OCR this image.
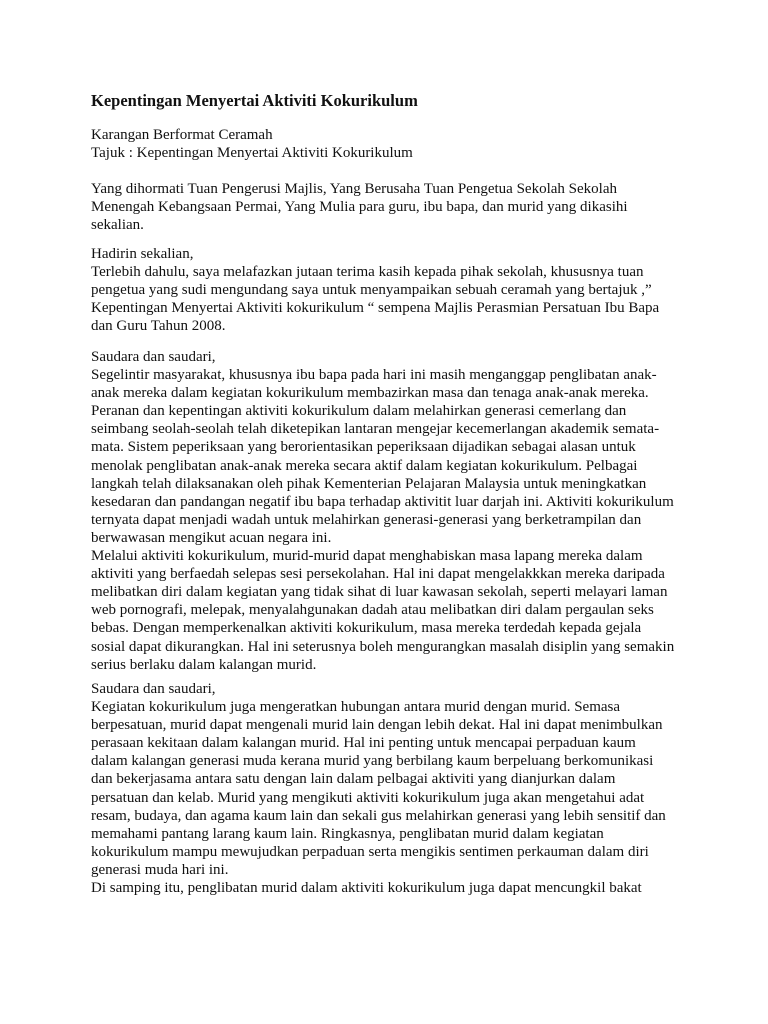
Kepentingan Menyertai Aktiviti Kokurikulum
Karangan Berformat Ceramah
Tajuk : Kepentingan Menyertai Aktiviti Kokurikulum
Yang dihormati Tuan Pengerusi Majlis, Yang Berusaha Tuan Pengetua Sekolah Sekolah
Menengah Kebangsaan Permai, Yang Mulia para guru, ibu bapa, dan murid yang dikasihi
sekalian.
Hadirin sekalian,
Terlebih dahulu, saya melafazkan jutaan terima kasih kepada pihak sekolah, khususnya tuan
pengetua yang sudi mengundang saya untuk menyampaikan sebuah ceramah yang bertajuk ,”
Kepentingan Menyertai Aktiviti kokurikulum “ sempena Majlis Perasmian Persatuan Ibu Bapa
dan Guru Tahun 2008.
Saudara dan saudari,
Segelintir masyarakat, khususnya ibu bapa pada hari ini masih menganggap penglibatan anak-
anak mereka dalam kegiatan kokurikulum membazirkan masa dan tenaga anak-anak mereka.
Peranan dan kepentingan aktiviti kokurikulum dalam melahirkan generasi cemerlang dan
seimbang seolah-seolah telah diketepikan lantaran mengejar kecemerlangan akademik semata-
mata. Sistem peperiksaan yang berorientasikan peperiksaan dijadikan sebagai alasan untuk
menolak penglibatan anak-anak mereka secara aktif dalam kegiatan kokurikulum. Pelbagai
langkah telah dilaksanakan oleh pihak Kementerian Pelajaran Malaysia untuk meningkatkan
kesedaran dan pandangan negatif ibu bapa terhadap aktivitit luar darjah ini. Aktiviti kokurikulum
ternyata dapat menjadi wadah untuk melahirkan generasi-generasi yang berketrampilan dan
berwawasan mengikut acuan negara ini.
Melalui aktiviti kokurikulum, murid-murid dapat menghabiskan masa lapang mereka dalam
aktiviti yang berfaedah selepas sesi persekolahan. Hal ini dapat mengelakkkan mereka daripada
melibatkan diri dalam kegiatan yang tidak sihat di luar kawasan sekolah, seperti melayari laman
web pornografi, melepak, menyalahgunakan dadah atau melibatkan diri dalam pergaulan seks
bebas. Dengan memperkenalkan aktiviti kokurikulum, masa mereka terdedah kepada gejala
sosial dapat dikurangkan. Hal ini seterusnya boleh mengurangkan masalah disiplin yang semakin
serius berlaku dalam kalangan murid.
Saudara dan saudari,
Kegiatan kokurikulum juga mengeratkan hubungan antara murid dengan murid. Semasa
berpesatuan, murid dapat mengenali murid lain dengan lebih dekat. Hal ini dapat menimbulkan
perasaan kekitaan dalam kalangan murid. Hal ini penting untuk mencapai perpaduan kaum
dalam kalangan generasi muda kerana murid yang berbilang kaum berpeluang berkomunikasi
dan bekerjasama antara satu dengan lain dalam pelbagai aktiviti yang dianjurkan dalam
persatuan dan kelab. Murid yang mengikuti aktiviti kokurikulum juga akan mengetahui adat
resam, budaya, dan agama kaum lain dan sekali gus melahirkan generasi yang lebih sensitif dan
memahami pantang larang kaum lain. Ringkasnya, penglibatan murid dalam kegiatan
kokurikulum mampu mewujudkan perpaduan serta mengikis sentimen perkauman dalam diri
generasi muda hari ini.
Di samping itu, penglibatan murid dalam aktiviti kokurikulum juga dapat mencungkil bakat
